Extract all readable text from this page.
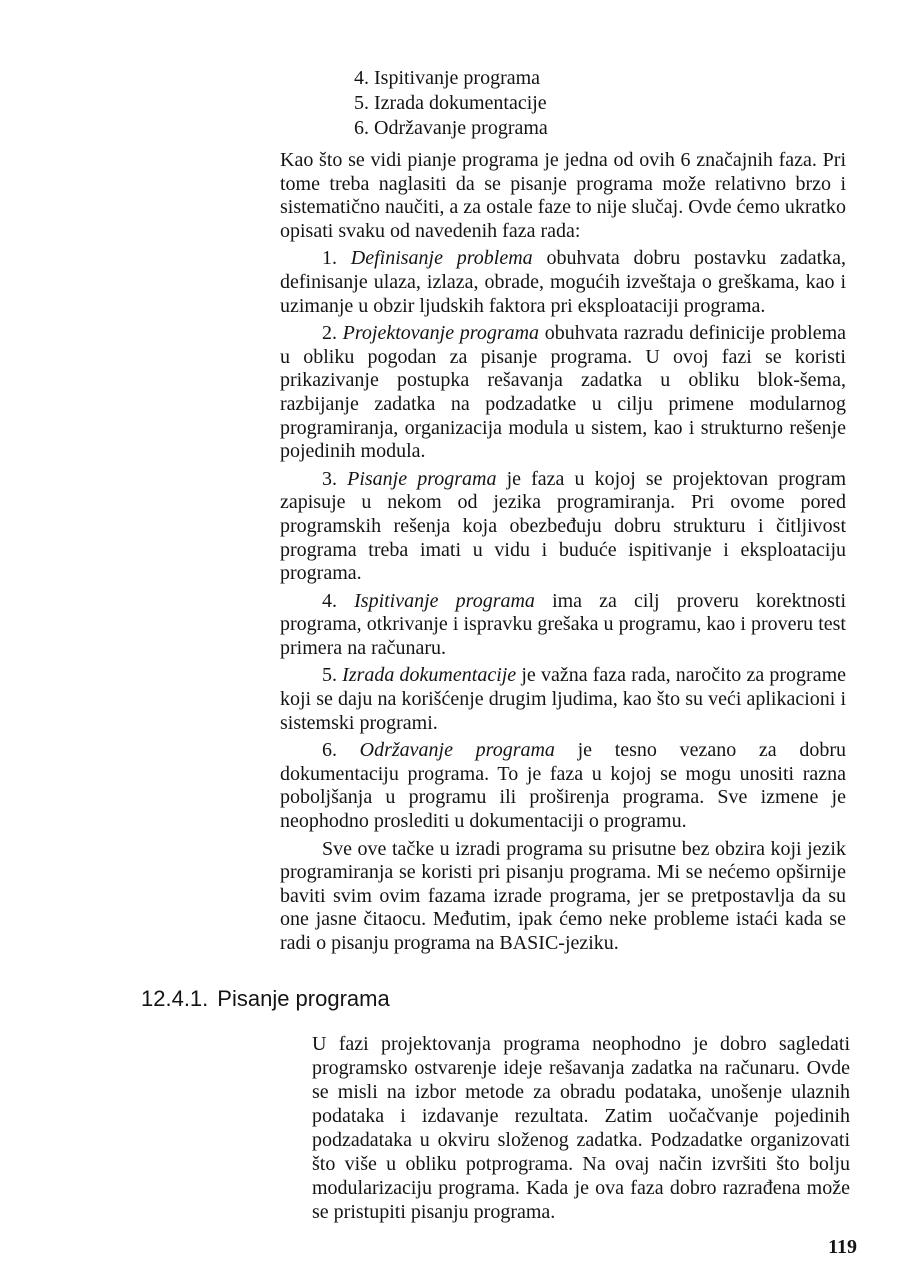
4. Ispitivanje programa
5. Izrada dokumentacije
6. Održavanje programa

Kao što se vidi pianje programa je jedna od ovih 6 značajnih faza. Pri tome treba naglasiti da se pisanje programa može relativno brzo i sistematično naučiti, a za ostale faze to nije slučaj. Ovde ćemo ukratko opisati svaku od navedenih faza rada:

1. Definisanje problema obuhvata dobru postavku zadatka, definisanje ulaza, izlaza, obrade, mogućih izveštaja o greškama, kao i uzimanje u obzir ljudskih faktora pri eksploataciji programa.

2. Projektovanje programa obuhvata razradu definicije problema u obliku pogodan za pisanje programa. U ovoj fazi se koristi prikazivanje postupka rešavanja zadatka u obliku blok-šema, razbijanje zadatka na podzadatke u cilju primene modularnog programiranja, organizacija modula u sistem, kao i strukturno rešenje pojedinih modula.

3. Pisanje programa je faza u kojoj se projektovan program zapisuje u nekom od jezika programiranja. Pri ovome pored programskih rešenja koja obezbeđuju dobru strukturu i čitljivost programa treba imati u vidu i buduće ispitivanje i eksploataciju programa.

4. Ispitivanje programa ima za cilj proveru korektnosti programa, otkrivanje i ispravku grešaka u programu, kao i proveru test primera na računaru.

5. Izrada dokumentacije je važna faza rada, naročito za programe koji se daju na korišćenje drugim ljudima, kao što su veći aplikacioni i sistemski programi.

6. Održavanje programa je tesno vezano za dobru dokumentaciju programa. To je faza u kojoj se mogu unositi razna poboljšanja u programu ili proširenja programa. Sve izmene je neophodno proslediti u dokumentaciji o programu.

Sve ove tačke u izradi programa su prisutne bez obzira koji jezik programiranja se koristi pri pisanju programa. Mi se nećemo opširnije baviti svim ovim fazama izrade programa, jer se pretpostavlja da su one jasne čitaocu. Međutim, ipak ćemo neke probleme istaći kada se radi o pisanju programa na BASIC-jeziku.

12.4.1. Pisanje programa

U fazi projektovanja programa neophodno je dobro sagledati programsko ostvarenje ideje rešavanja zadatka na računaru. Ovde se misli na izbor metode za obradu podataka, unošenje ulaznih podataka i izdavanje rezultata. Zatim uočačvanje pojedinih podzadataka u okviru složenog zadatka. Podzadatke organizovati što više u obliku potprograma. Na ovaj način izvršiti što bolju modularizaciju programa. Kada je ova faza dobro razrađena može se pristupiti pisanju programa.

119
